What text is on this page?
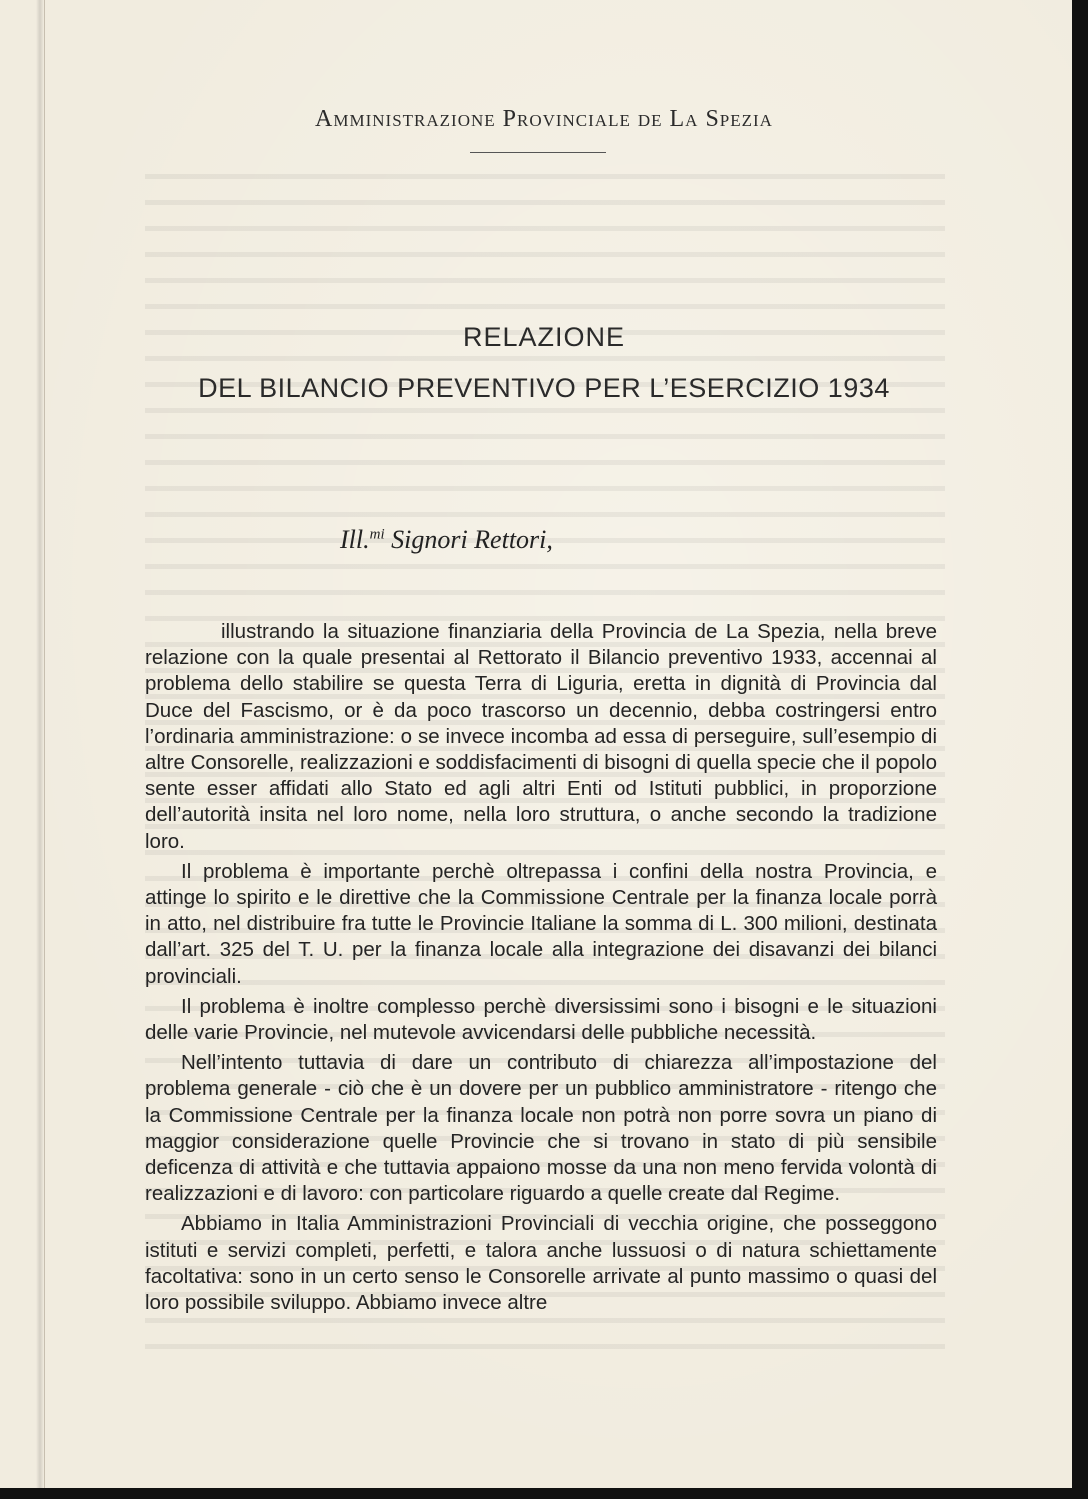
Amministrazione Provinciale de La Spezia
RELAZIONE
DEL BILANCIO PREVENTIVO PER L’ESERCIZIO 1934
Ill.$^{mi}$ Signori Rettori,

illustrando la situazione finanziaria della Provincia de La Spezia, nella breve relazione con la quale presentai al Rettorato il Bilancio preventivo 1933, accennai al problema dello stabilire se questa Terra di Liguria, eretta in dignità di Provincia dal Duce del Fascismo, or è da poco trascorso un decennio, debba costringersi entro l’ordinaria amministrazione: o se invece incomba ad essa di perseguire, sull’esempio di altre Consorelle, realizzazioni e soddisfacimenti di bisogni di quella specie che il popolo sente esser affidati allo Stato ed agli altri Enti od Istituti pubblici, in proporzione dell’autorità insita nel loro nome, nella loro struttura, o anche secondo la tradizione loro.

Il problema è importante perchè oltrepassa i confini della nostra Provincia, e attinge lo spirito e le direttive che la Commissione Centrale per la finanza locale porrà in atto, nel distribuire fra tutte le Provincie Italiane la somma di L. 300 milioni, destinata dall’art. 325 del T. U. per la finanza locale alla integrazione dei disavanzi dei bilanci provinciali.

Il problema è inoltre complesso perchè diversissimi sono i bisogni e le situazioni delle varie Provincie, nel mutevole avvicendarsi delle pubbliche necessità.

Nell’intento tuttavia di dare un contributo di chiarezza all’impostazione del problema generale - ciò che è un dovere per un pubblico amministratore - ritengo che la Commissione Centrale per la finanza locale non potrà non porre sovra un piano di maggior considerazione quelle Provincie che si trovano in stato di più sensibile deficenza di attività e che tuttavia appaiono mosse da una non meno fervida volontà di realizzazioni e di lavoro: con particolare riguardo a quelle create dal Regime.

Abbiamo in Italia Amministrazioni Provinciali di vecchia origine, che posseggono istituti e servizi completi, perfetti, e talora anche lussuosi o di natura schiettamente facoltativa: sono in un certo senso le Consorelle arrivate al punto massimo o quasi del loro possibile sviluppo. Abbiamo invece altre
